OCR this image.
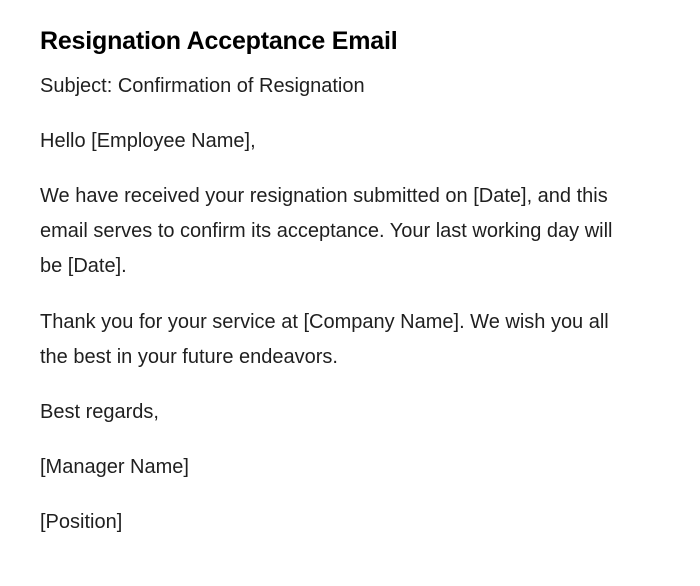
Resignation Acceptance Email

Subject: Confirmation of Resignation

Hello [Employee Name],

We have received your resignation submitted on [Date], and this email serves to confirm its acceptance. Your last working day will be [Date].

Thank you for your service at [Company Name]. We wish you all the best in your future endeavors.

Best regards,

[Manager Name]

[Position]
